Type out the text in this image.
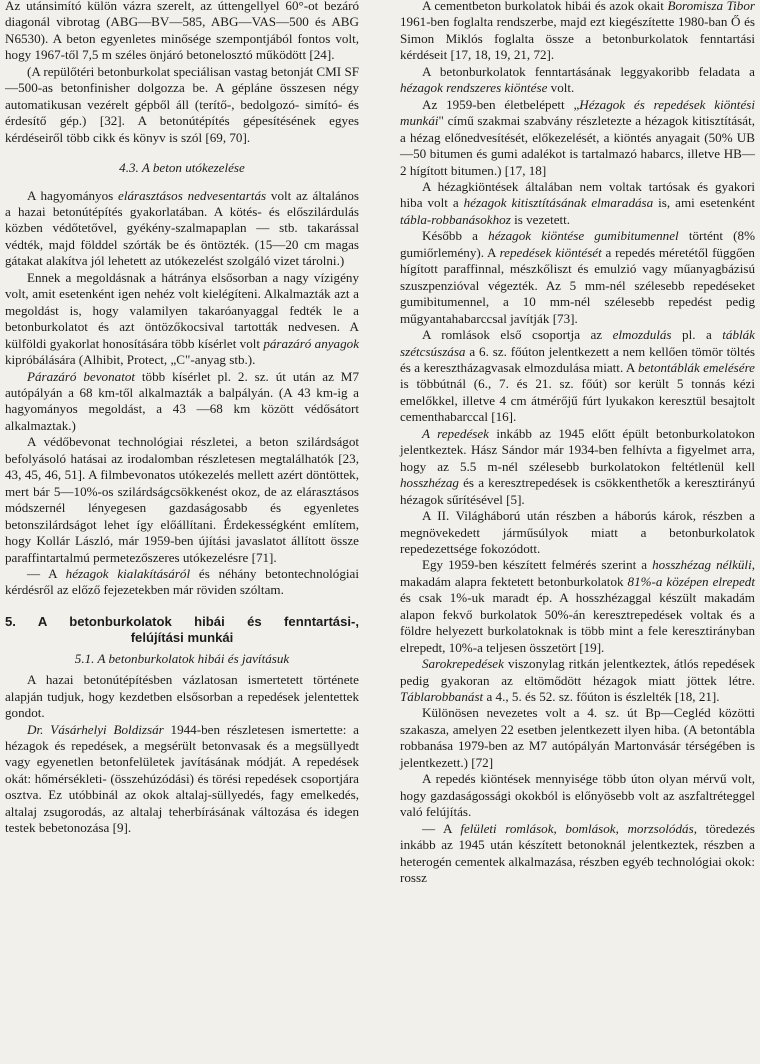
Az utánsimító külön vázra szerelt, az úttengellyel 60°-ot bezáró diagonál vibrotag (ABG—BV—585, ABG—VAS—500 és ABG N6530). A beton egyenletes minősége szempontjából fontos volt, hogy 1967-től 7,5 m széles önjáró betonelosztó működött [24].

(A repülőtéri betonburkolat speciálisan vastag betonját CMI SF—500-as betonfinisher dolgozza be. A gépláne összesen négy automatikusan vezérelt gépből áll (terítő-, bedolgozó- simító- és érdesítő gép.) [32]. A betonútépítés gépesítésének egyes kérdéseiről több cikk és könyv is szól [69, 70].

4.3. A beton utókezelése

A hagyományos elárasztásos nedvesentartás volt az általános a hazai betonútépítés gyakorlatában. A kötés- és előszilárdulás közben védőtetővel, gyékény-szalmapaplan — stb. takarással védték, majd földdel szórták be és öntözték. (15—20 cm magas gátakat alakítva jól lehetett az utókezelést szolgáló vizet tárolni.)

Ennek a megoldásnak a hátránya elsősorban a nagy vízigény volt, amit esetenként igen nehéz volt kielégíteni. Alkalmazták azt a megoldást is, hogy valamilyen takaróanyaggal fedték le a betonburkolatot és azt öntözőkocsival tartották nedvesen. A külföldi gyakorlat honosítására több kísérlet volt párazáró anyagok kipróbálására (Alhibit, Protect, „C"-anyag stb.).

Párazáró bevonatot több kísérlet pl. 2. sz. út után az M7 autópályán a 68 km-től alkalmazták a balpályán. (A 43 km-ig a hagyományos megoldást, a 43 —68 km között védősátort alkalmaztak.)

A védőbevonat technológiai részletei, a beton szilárdságot befolyásoló hatásai az irodalomban részletesen megtalálhatók [23, 43, 45, 46, 51]. A filmbevonatos utókezelés mellett azért döntöttek, mert bár 5—10%-os szilárdságcsökkenést okoz, de az elárasztásos módszernél lényegesen gazdaságosabb és egyenletes betonszilárdságot lehet így előállítani. Érdekességként említem, hogy Kollár László, már 1959-ben újítási javaslatot állított össze paraffintartalmú permetezőszeres utókezelésre [71].

— A hézagok kialakításáról és néhány betontechnológiai kérdésről az előző fejezetekben már röviden szóltam.

5. A betonburkolatok hibái és fenntartási-,
felújítási munkái
5.1. A betonburkolatok hibái és javításuk

A hazai betonútépítésben vázlatosan ismertetett története alapján tudjuk, hogy kezdetben elsősorban a repedések jelentettek gondot.

Dr. Vásárhelyi Boldizsár 1944-ben részletesen ismertette: a hézagok és repedések, a megsérült betonvasak és a megsüllyedt vagy egyenetlen betonfelületek javításának módját. A repedések okát: hőmérsékleti- (összehúzódási) és törési repedések csoportjára osztva. Ez utóbbinál az okok altalaj-süllyedés, fagy emelkedés, altalaj zsugorodás, az altalaj teherbírásának változása és idegen testek bebetonozása [9].

A cementbeton burkolatok hibái és azok okait Boromisza Tibor 1961-ben foglalta rendszerbe, majd ezt kiegészítette 1980-ban Ő és Simon Miklós foglalta össze a betonburkolatok fenntartási kérdéseit [17, 18, 19, 21, 72].

A betonburkolatok fenntartásának leggyakoribb feladata a hézagok rendszeres kiöntése volt.

Az 1959-ben életbelépett „Hézagok és repedések kiöntési munkái" című szakmai szabvány részletezte a hézagok kitisztítását, a hézag előnedvesítését, előkezelését, a kiöntés anyagait (50% UB—50 bitumen és gumi adalékot is tartalmazó habarcs, illetve HB—2 hígított bitumen.) [17, 18]

A hézagkiöntések általában nem voltak tartósak és gyakori hiba volt a hézagok kitisztításának elmaradása is, ami esetenként tábla-robbanásokhoz is vezetett.

Később a hézagok kiöntése gumibitumennel történt (8% gumiőrlemény). A repedések kiöntését a repedés méretétől függően hígított paraffinnal, mészkőliszt és emulzió vagy műanyagbázisú szuszpenzióval végezték. Az 5 mm-nél szélesebb repedéseket gumibitumennel, a 10 mm-nél szélesebb repedést pedig műgyantahabarccsal javítják [73].

A romlások első csoportja az elmozdulás pl. a táblák szétcsúszása a 6. sz. főúton jelentkezett a nem kellően tömör töltés és a keresztházagvasak elmozdulása miatt. A betontáblák emelésére is többútnál (6., 7. és 21. sz. főút) sor került 5 tonnás kézi emelőkkel, illetve 4 cm átmérőjű fúrt lyukakon keresztül besajtolt cementhabarccal [16].

A repedések inkább az 1945 előtt épült betonburkolatokon jelentkeztek. Hász Sándor már 1934-ben felhívta a figyelmet arra, hogy az 5.5 m-nél szélesebb burkolatokon feltétlenül kell hosszhézag és a keresztrepedések is csökkenthetők a keresztirányú hézagok sűrítésével [5].

A II. Világháború után részben a háborús károk, részben a megnövekedett járműsúlyok miatt a betonburkolatok repedezettsége fokozódott.

Egy 1959-ben készített felmérés szerint a hosszhézag nélküli, makadám alapra fektetett betonburkolatok 81%-a középen elrepedt és csak 1%-uk maradt ép. A hosszhézaggal készült makadám alapon fekvő burkolatok 50%-án keresztrepedések voltak és a földre helyezett burkolatoknak is több mint a fele keresztirányban elrepedt, 10%-a teljesen összetört [19].

Sarokrepedések viszonylag ritkán jelentkeztek, átlós repedések pedig gyakoran az eltömődött hézagok miatt jöttek létre. Táblarobbanást a 4., 5. és 52. sz. főúton is észlelték [18, 21].

Különösen nevezetes volt a 4. sz. út Bp—Cegléd közötti szakasza, amelyen 22 esetben jelentkezett ilyen hiba. (A betontábla robbanása 1979-ben az M7 autópályán Martonvásár térségében is jelentkezett.) [72]

A repedés kiöntések mennyisége több úton olyan mérvű volt, hogy gazdaságossági okokból is előnyösebb volt az aszfaltréteggel való felújítás.

— A felületi romlások, bomlások, morzsolódás, töredezés inkább az 1945 után készített betonoknál jelentkeztek, részben a heterogén cementek alkalmazása, részben egyéb technológiai okok: rossz
